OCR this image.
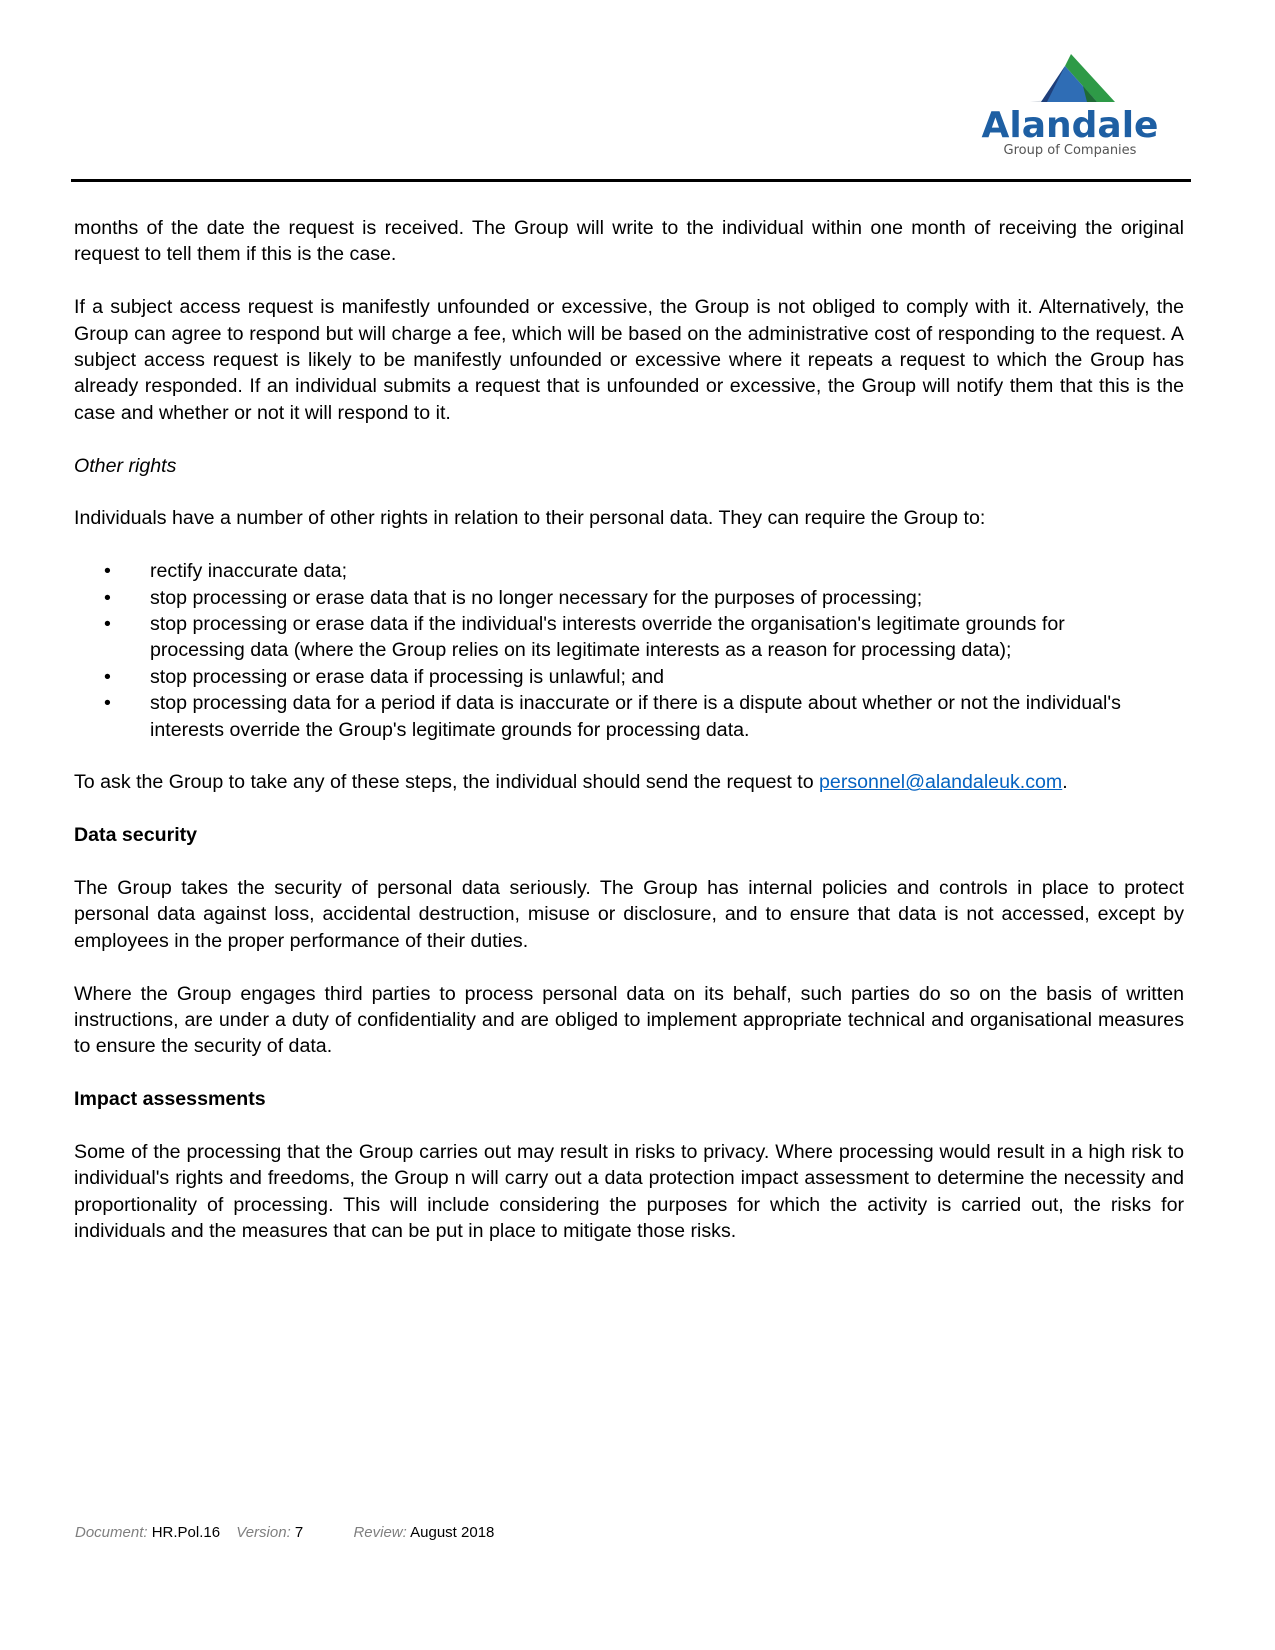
Alandale
Group of Companies

months of the date the request is received. The Group will write to the individual within one month of receiving the original request to tell them if this is the case.

If a subject access request is manifestly unfounded or excessive, the Group is not obliged to comply with it. Alternatively, the Group can agree to respond but will charge a fee, which will be based on the administrative cost of responding to the request. A subject access request is likely to be manifestly unfounded or excessive where it repeats a request to which the Group has already responded. If an individual submits a request that is unfounded or excessive, the Group will notify them that this is the case and whether or not it will respond to it.

Other rights

Individuals have a number of other rights in relation to their personal data. They can require the Group to:

• rectify inaccurate data;
• stop processing or erase data that is no longer necessary for the purposes of processing;
• stop processing or erase data if the individual's interests override the organisation's legitimate grounds for processing data (where the Group relies on its legitimate interests as a reason for processing data);
• stop processing or erase data if processing is unlawful; and
• stop processing data for a period if data is inaccurate or if there is a dispute about whether or not the individual's interests override the Group's legitimate grounds for processing data.

To ask the Group to take any of these steps, the individual should send the request to personnel@alandaleuk.com.

Data security

The Group takes the security of personal data seriously. The Group has internal policies and controls in place to protect personal data against loss, accidental destruction, misuse or disclosure, and to ensure that data is not accessed, except by employees in the proper performance of their duties.

Where the Group engages third parties to process personal data on its behalf, such parties do so on the basis of written instructions, are under a duty of confidentiality and are obliged to implement appropriate technical and organisational measures to ensure the security of data.

Impact assessments

Some of the processing that the Group carries out may result in risks to privacy. Where processing would result in a high risk to individual's rights and freedoms, the Group n will carry out a data protection impact assessment to determine the necessity and proportionality of processing. This will include considering the purposes for which the activity is carried out, the risks for individuals and the measures that can be put in place to mitigate those risks.

Document: HR.Pol.16 Version: 7	Review: August 2018
